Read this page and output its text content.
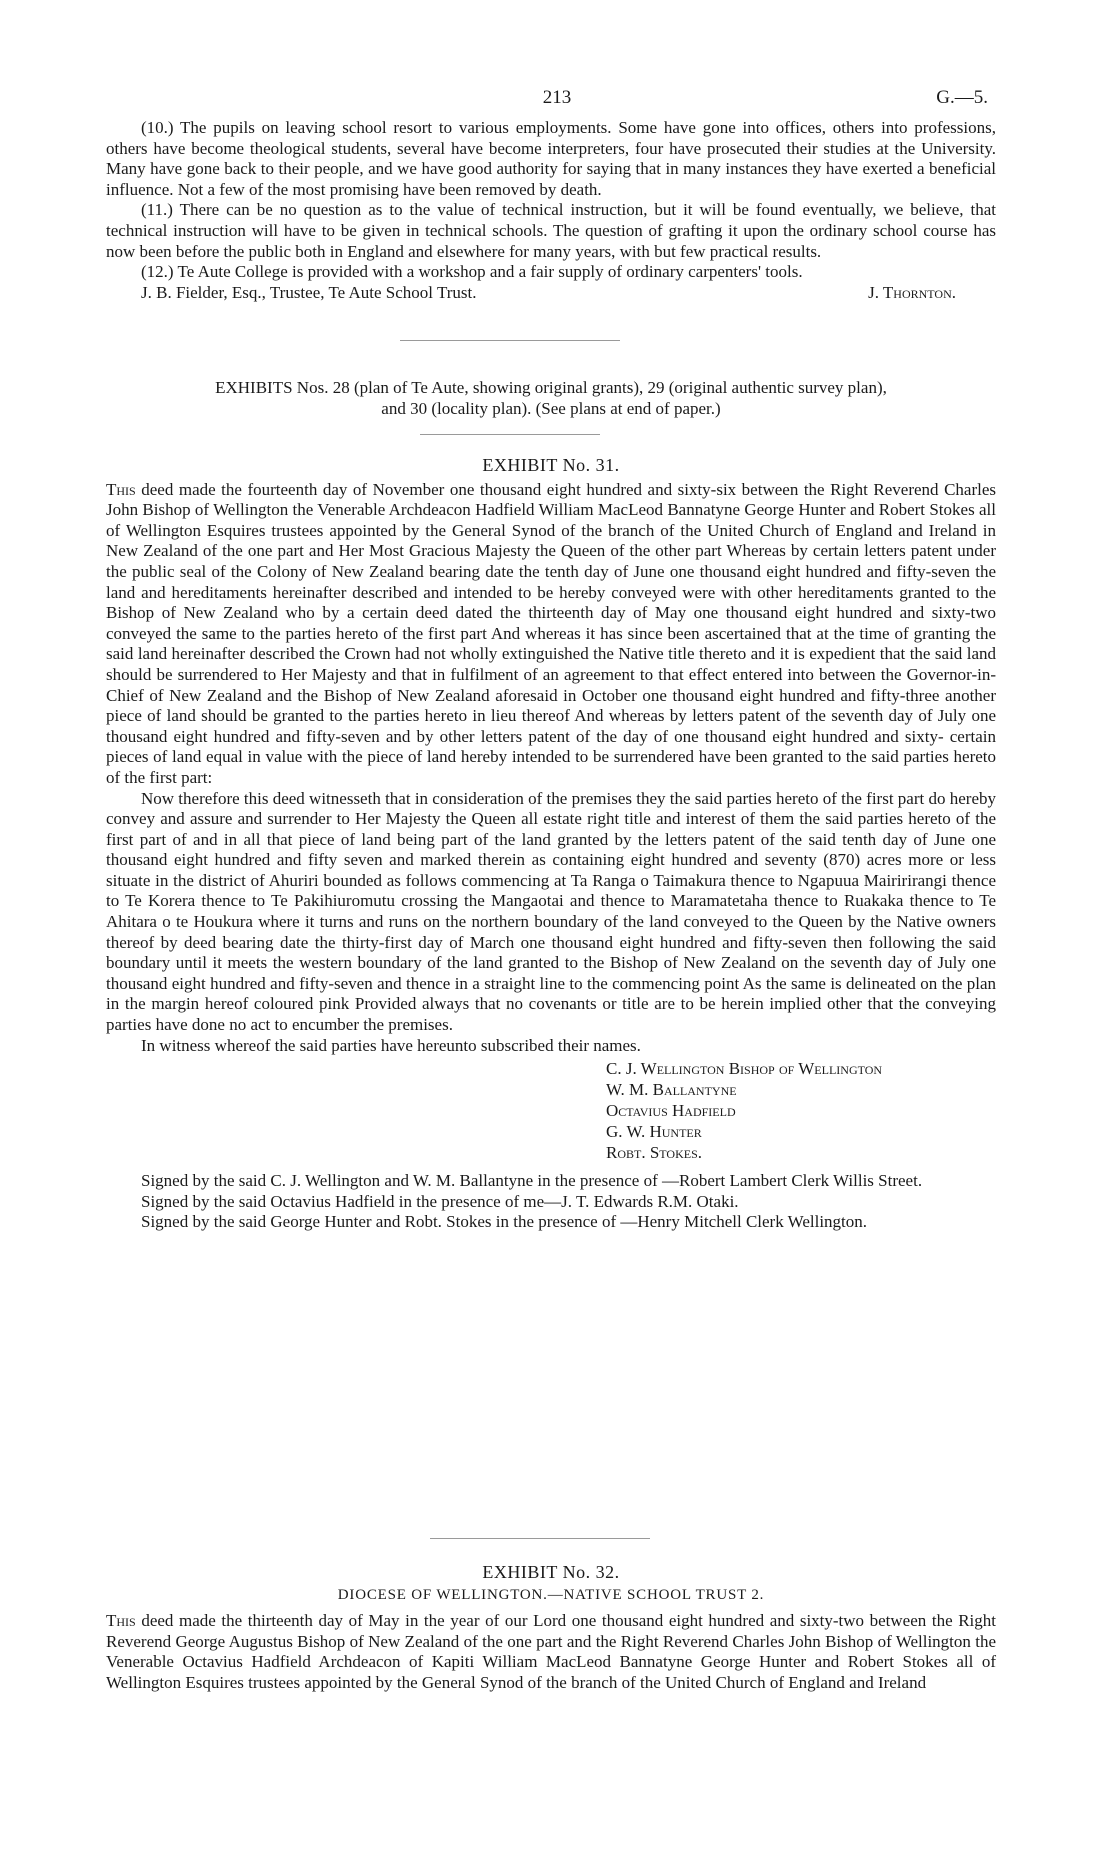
213	G.—5.

(10.) The pupils on leaving school resort to various employments. Some have gone into offices, others into professions, others have become theological students, several have become interpreters, four have prosecuted their studies at the University. Many have gone back to their people, and we have good authority for saying that in many instances they have exerted a beneficial influence. Not a few of the most promising have been removed by death.

(11.) There can be no question as to the value of technical instruction, but it will be found eventually, we believe, that technical instruction will have to be given in technical schools. The question of grafting it upon the ordinary school course has now been before the public both in England and elsewhere for many years, with but few practical results.

(12.) Te Aute College is provided with a workshop and a fair supply of ordinary carpenters' tools.

J. B. Fielder, Esq., Trustee, Te Aute School Trust.	J. Thornton.
EXHIBITS Nos. 28 (plan of Te Aute, showing original grants), 29 (original authentic survey plan),
and 30 (locality plan). (See plans at end of paper.)
EXHIBIT No. 31.

This deed made the fourteenth day of November one thousand eight hundred and sixty-six between the Right Reverend Charles John Bishop of Wellington the Venerable Archdeacon Hadfield William MacLeod Bannatyne George Hunter and Robert Stokes all of Wellington Esquires trustees appointed by the General Synod of the branch of the United Church of England and Ireland in New Zealand of the one part and Her Most Gracious Majesty the Queen of the other part Whereas by certain letters patent under the public seal of the Colony of New Zealand bearing date the tenth day of June one thousand eight hundred and fifty-seven the land and hereditaments hereinafter described and intended to be hereby conveyed were with other hereditaments granted to the Bishop of New Zealand who by a certain deed dated the thirteenth day of May one thousand eight hundred and sixty-two conveyed the same to the parties hereto of the first part And whereas it has since been ascertained that at the time of granting the said land hereinafter described the Crown had not wholly extinguished the Native title thereto and it is expedient that the said land should be surrendered to Her Majesty and that in fulfilment of an agreement to that effect entered into between the Governor-in-Chief of New Zealand and the Bishop of New Zealand aforesaid in October one thousand eight hundred and fifty-three another piece of land should be granted to the parties hereto in lieu thereof And whereas by letters patent of the seventh day of July one thousand eight hundred and fifty-seven and by other letters patent of the day of one thousand eight hundred and sixty- certain pieces of land equal in value with the piece of land hereby intended to be surrendered have been granted to the said parties hereto of the first part:

Now therefore this deed witnesseth that in consideration of the premises they the said parties hereto of the first part do hereby convey and assure and surrender to Her Majesty the Queen all estate right title and interest of them the said parties hereto of the first part of and in all that piece of land being part of the land granted by the letters patent of the said tenth day of June one thousand eight hundred and fifty seven and marked therein as containing eight hundred and seventy (870) acres more or less situate in the district of Ahuriri bounded as follows commencing at Ta Ranga o Taimakura thence to Ngapuua Mairirirangi thence to Te Korera thence to Te Pakihiuromutu crossing the Mangaotai and thence to Maramatetaha thence to Ruakaka thence to Te Ahitara o te Houkura where it turns and runs on the northern boundary of the land conveyed to the Queen by the Native owners thereof by deed bearing date the thirty-first day of March one thousand eight hundred and fifty-seven then following the said boundary until it meets the western boundary of the land granted to the Bishop of New Zealand on the seventh day of July one thousand eight hundred and fifty-seven and thence in a straight line to the commencing point As the same is delineated on the plan in the margin hereof coloured pink Provided always that no covenants or title are to be herein implied other that the conveying parties have done no act to encumber the premises.

In witness whereof the said parties have hereunto subscribed their names.

C. J. Wellington Bishop of Wellington
W. M. Ballantyne
Octavius Hadfield
G. W. Hunter
Robt. Stokes.

Signed by the said C. J. Wellington and W. M. Ballantyne in the presence of —Robert Lambert Clerk Willis Street.

Signed by the said Octavius Hadfield in the presence of me—J. T. Edwards R.M. Otaki.

Signed by the said George Hunter and Robt. Stokes in the presence of —Henry Mitchell Clerk Wellington.

EXHIBIT No. 32.
DIOCESE OF WELLINGTON.—NATIVE SCHOOL TRUST 2.

This deed made the thirteenth day of May in the year of our Lord one thousand eight hundred and sixty-two between the Right Reverend George Augustus Bishop of New Zealand of the one part and the Right Reverend Charles John Bishop of Wellington the Venerable Octavius Hadfield Archdeacon of Kapiti William MacLeod Bannatyne George Hunter and Robert Stokes all of Wellington Esquires trustees appointed by the General Synod of the branch of the United Church of England and Ireland
